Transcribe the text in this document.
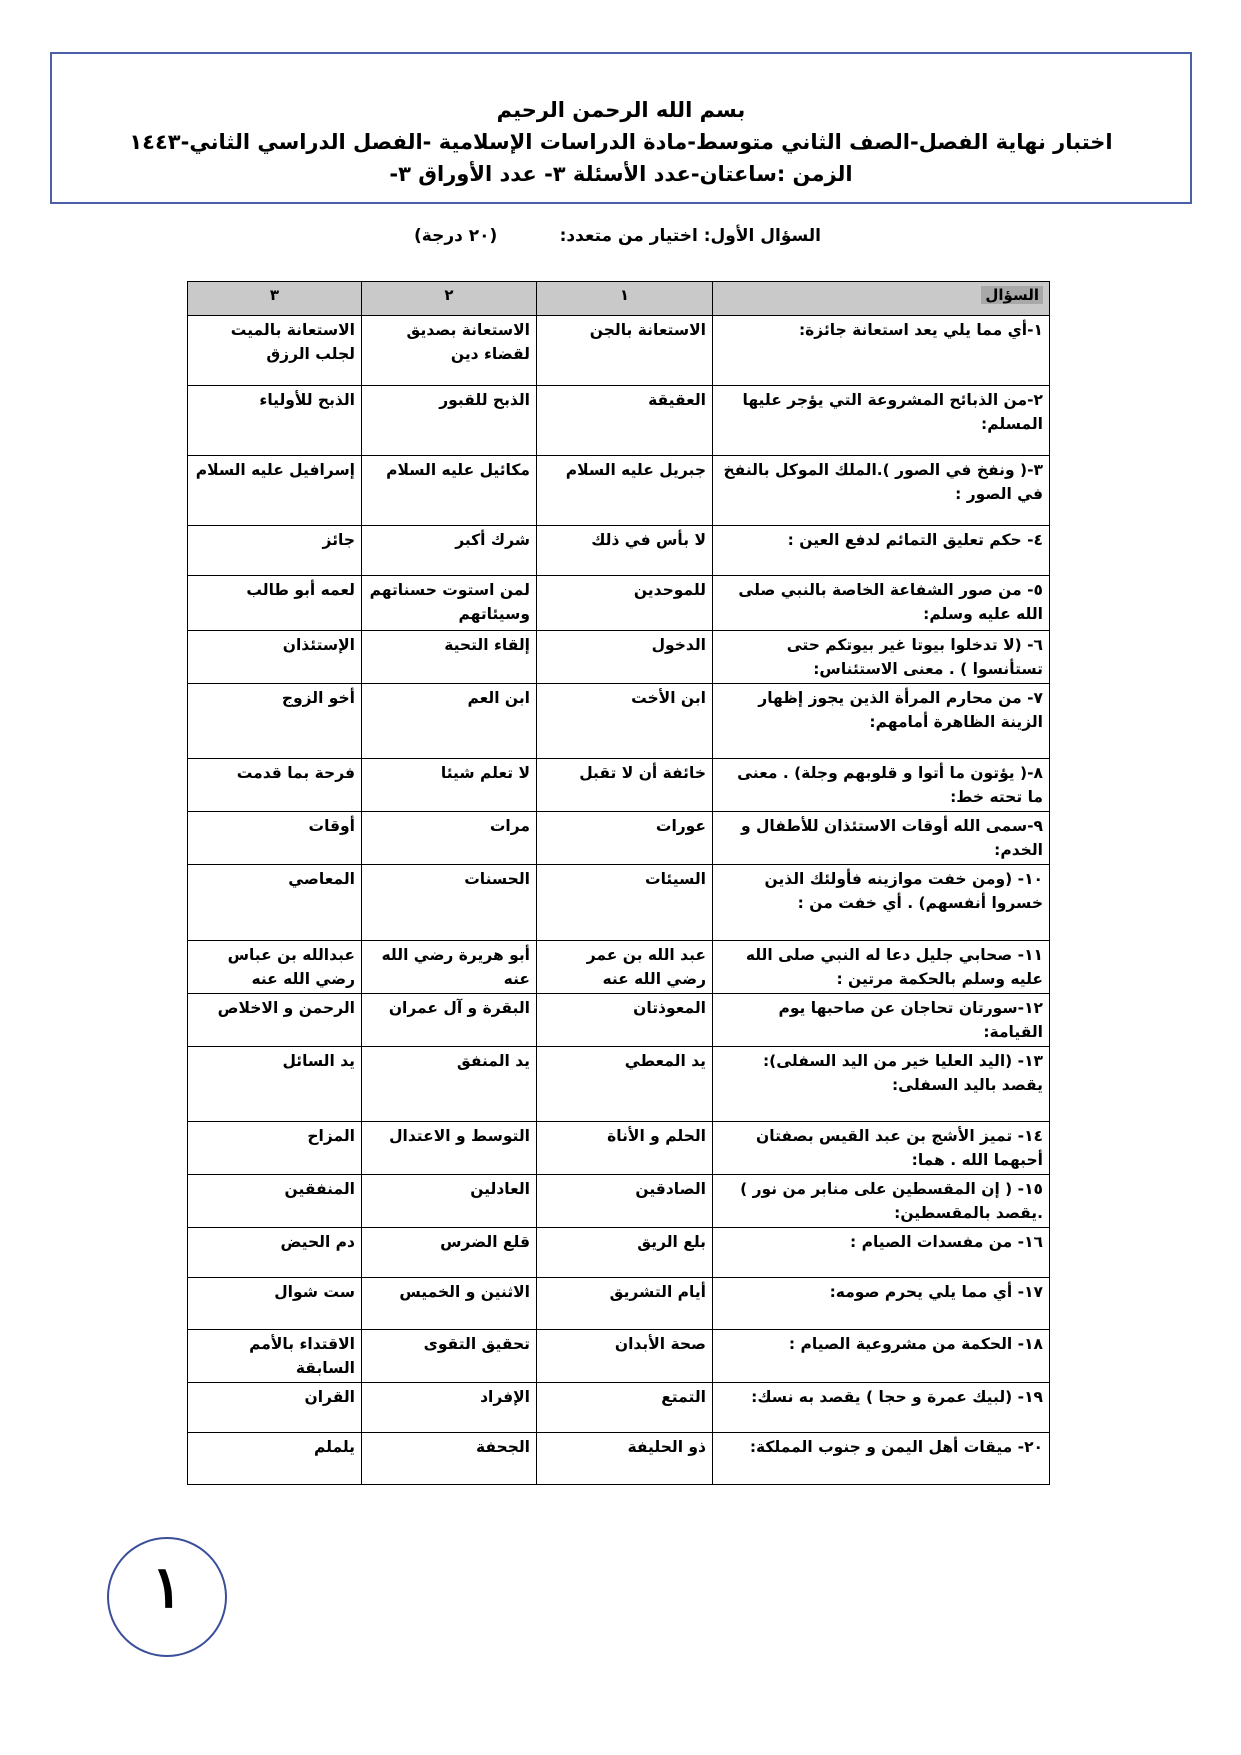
بسم الله الرحمن الرحيم
اختبار نهاية الفصل-الصف الثاني متوسط-مادة الدراسات الإسلامية -الفصل الدراسي الثاني-١٤٤٣
الزمن :ساعتان-عدد الأسئلة ٣- عدد الأوراق ٣-
السؤال الأول: اختيار من متعدد:
(٢٠ درجة)
السؤال	١	٢	٣
١-أي مما يلي يعد استعانة جائزة:	الاستعانة بالجن	الاستعانة بصديق لقضاء دين	الاستعانة بالميت لجلب الرزق
٢-من الذبائح المشروعة التي يؤجر عليها المسلم:	العقيقة	الذبح للقبور	الذبح للأولياء
٣-( ونفخ في الصور ).الملك الموكل بالنفخ في الصور :	جبريل عليه السلام	مكائيل عليه السلام	إسرافيل عليه السلام
٤- حكم تعليق التمائم لدفع العين :	لا بأس في ذلك	شرك أكبر	جائز
٥- من صور الشفاعة الخاصة بالنبي صلى الله عليه وسلم:	للموحدين	لمن استوت حسناتهم وسيئاتهم	لعمه أبو طالب
٦- (لا تدخلوا بيوتا غير بيوتكم حتى تستأنسوا ) . معنى الاستئناس:	الدخول	إلقاء التحية	الإستئذان
٧- من محارم المرأة الذين يجوز إظهار الزينة الظاهرة أمامهم:	ابن الأخت	ابن العم	أخو الزوج
٨-( يؤتون ما أتوا و قلوبهم وجلة) . معنى ما تحته خط:	خائفة أن لا تقبل	لا تعلم شيئا	فرحة بما قدمت
٩-سمى الله أوقات الاستئذان للأطفال و الخدم:	عورات	مرات	أوقات
١٠- (ومن خفت موازينه فأولئك الذين خسروا أنفسهم) . أي خفت من :	السيئات	الحسنات	المعاصي
١١- صحابي جليل دعا له النبي صلى الله عليه وسلم بالحكمة مرتين :	عبد الله بن عمر رضي الله عنه	أبو هريرة رضي الله عنه	عبدالله بن عباس رضي الله عنه
١٢-سورتان تحاجان عن صاحبها يوم القيامة:	المعوذتان	البقرة و آل عمران	الرحمن و الاخلاص
١٣- (اليد العليا خير من اليد السفلى): يقصد باليد السفلى:	يد المعطي	يد المنفق	يد السائل
١٤- تميز الأشج بن عبد القيس بصفتان أحبهما الله . هما:	الحلم و الأناة	التوسط و الاعتدال	المزاح
١٥- ( إن المقسطين على منابر من نور ) .يقصد بالمقسطين:	الصادقين	العادلين	المنفقين
١٦- من مفسدات الصيام :	بلع الريق	قلع الضرس	دم الحيض
١٧- أي مما يلي يحرم صومه:	أيام التشريق	الاثنين و الخميس	ست شوال
١٨- الحكمة من مشروعية الصيام :	صحة الأبدان	تحقيق التقوى	الاقتداء بالأمم السابقة
١٩- (لبيك عمرة و حجا ) يقصد به نسك:	التمتع	الإفراد	القران
٢٠- ميقات أهل اليمن و جنوب المملكة:	ذو الحليفة	الجحفة	يلملم
١
